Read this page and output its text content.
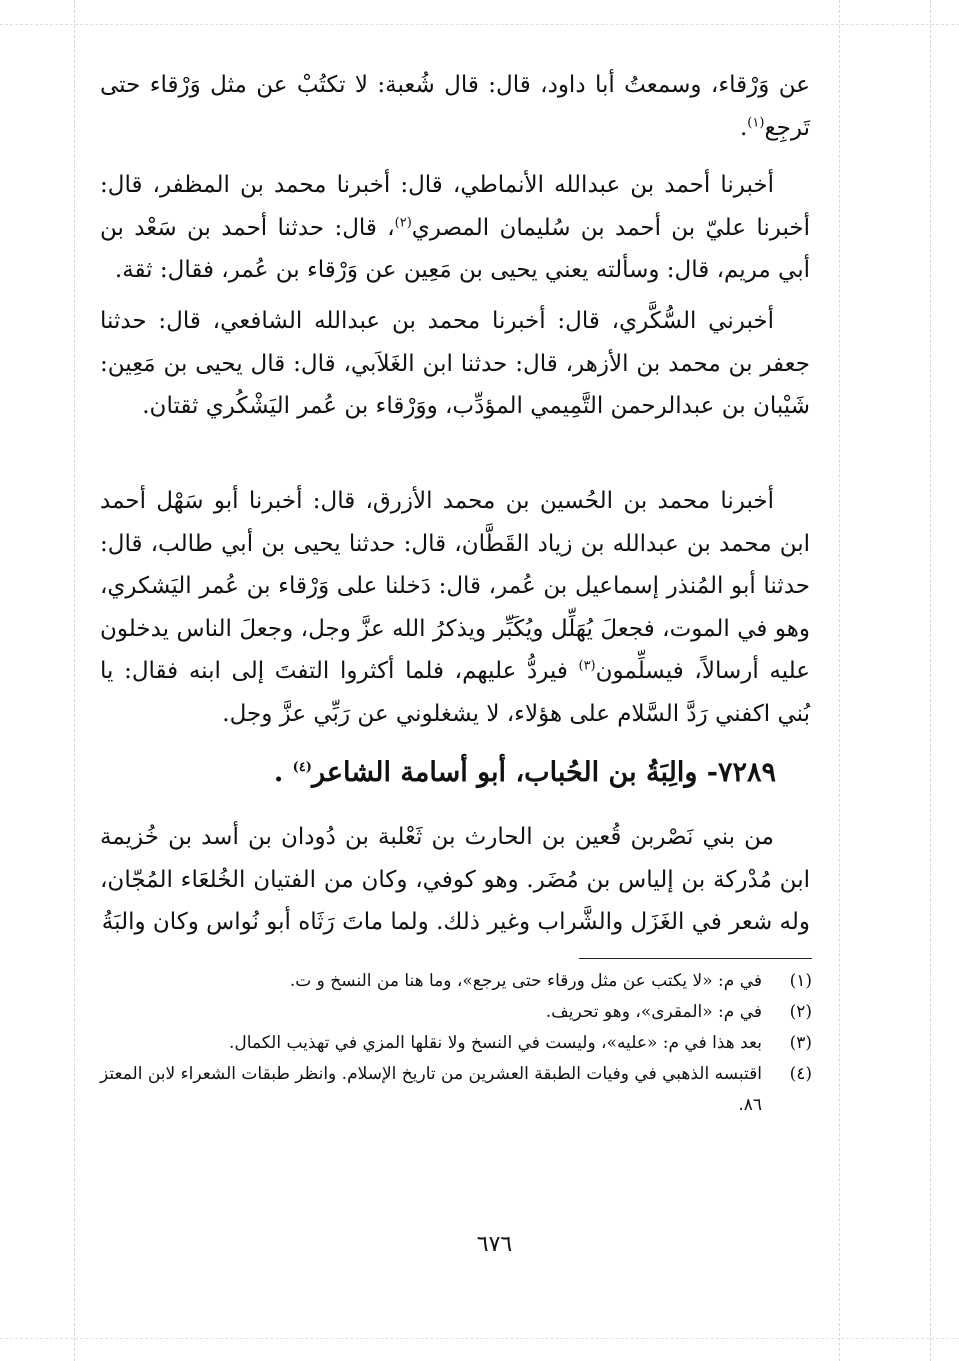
عن وَرْقاء، وسمعتُ أبا داود، قال: قال شُعبة: لا تكتُبْ عن مثل وَرْقاء حتى تَرجِع$^{(١)}$.

أخبرنا أحمد بن عبدالله الأنماطي، قال: أخبرنا محمد بن المظفر، قال: أخبرنا عليّ بن أحمد بن سُليمان المصري$^{(٢)}$، قال: حدثنا أحمد بن سَعْد بن أبي مريم، قال: وسألته يعني يحيى بن مَعِين عن وَرْقاء بن عُمر، فقال: ثقة.

أخبرني السُّكَّري، قال: أخبرنا محمد بن عبدالله الشافعي، قال: حدثنا جعفر بن محمد بن الأزهر، قال: حدثنا ابن الغَلاَبي، قال: قال يحيى بن مَعِين: شَيْبان بن عبدالرحمن التَّمِيمي المؤدِّب، ووَرْقاء بن عُمر اليَشْكُري ثقتان.

أخبرنا محمد بن الحُسين بن محمد الأزرق، قال: أخبرنا أبو سَهْل أحمد ابن محمد بن عبدالله بن زياد القَطَّان، قال: حدثنا يحيى بن أبي طالب، قال: حدثنا أبو المُنذر إسماعيل بن عُمر، قال: دَخلنا على وَرْقاء بن عُمر اليَشكري، وهو في الموت، فجعلَ يُهَلِّل ويُكَبِّر ويذكرُ الله عزَّ وجل، وجعلَ الناس يدخلون عليه أرسالاً، فيسلِّمون$^{(٣)}$ فيردُّ عليهم، فلما أكثروا التفتَ إلى ابنه فقال: يا بُني اكفني رَدَّ السَّلام على هؤلاء، لا يشغلوني عن رَبِّي عزَّ وجل.

٧٢٨٩- والِبَةُ بن الحُباب، أبو أسامة الشاعر$^{(٤)}$ .

من بني نَصْربن قُعين بن الحارث بن ثَعْلبة بن دُودان بن أسد بن خُزيمة ابن مُدْركة بن إلياس بن مُضَر. وهو كوفي، وكان من الفتيان الخُلعَاء المُجّان، وله شعر في الغَزَل والشَّراب وغير ذلك. ولما ماتَ رَثَاه أبو نُواس وكان والبَةُ

(١)
في م: «لا يكتب عن مثل ورقاء حتى يرجع»، وما هنا من النسخ و ت.
(٢)
في م: «المقرى»، وهو تحريف.
(٣)
بعد هذا في م: «عليه»، وليست في النسخ ولا نقلها المزي في تهذيب الكمال.
(٤)
اقتبسه الذهبي في وفيات الطبقة العشرين من تاريخ الإسلام. وانظر طبقات الشعراء لابن المعتز ٨٦.
٦٧٦
